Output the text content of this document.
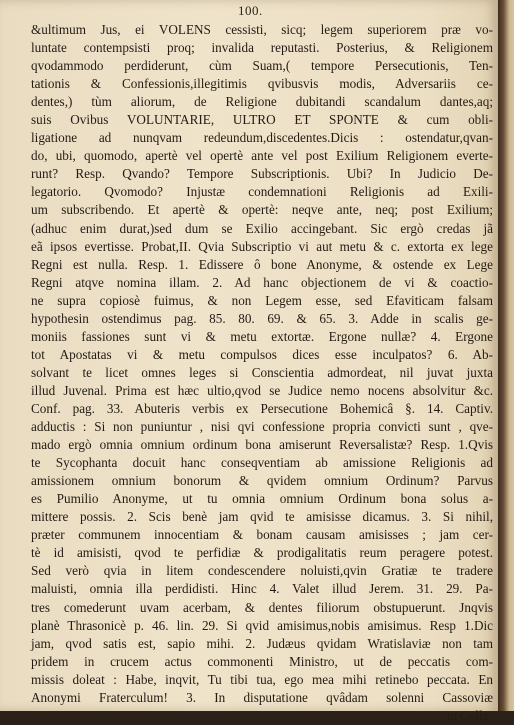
100.
&ultimum Jus, ei VOLENS cessisti, sicq; legem superiorem præ vo-
luntate contempsisti proq; invalida reputasti. Posterius, & Religionem
qvodammodo perdiderunt, cùm Suam,( tempore Persecutionis, Ten-
tationis & Confessionis,illegitimis qvibusvis modis, Adversariis ce-
dentes,) tùm aliorum, de Religione dubitandi scandalum dantes,aq;
suis Ovibus VOLUNTARIE, ULTRO ET SPONTE & cum obli-
ligatione ad nunqvam redeundum,discedentes.Dicis : ostendatur,qvan-
do, ubi, quomodo, apertè vel opertè ante vel post Exilium Religionem everte-
runt? Resp. Qvando? Tempore Subscriptionis. Ubi? In Judicio De-
legatorio. Qvomodo? Injustæ condemnationi Religionis ad Exili-
um subscribendo. Et apertè & opertè: neqve ante, neq; post Exilium;
(adhuc enim durat,)sed dum se Exilio accingebant. Sic ergò credas jã
eã ipsos evertisse. Probat,II. Qvia Subscriptio vi aut metu & c. extorta ex lege
Regni est nulla. Resp. 1. Edissere ô bone Anonyme, & ostende ex Lege
Regni atqve nomina illam. 2. Ad hanc objectionem de vi & coactio-
ne supra copiosè fuimus, & non Legem esse, sed Efaviticam falsam
hypothesin ostendimus pag. 85. 80. 69. & 65. 3. Adde in scalis ge-
moniis fassiones sunt vi & metu extortæ. Ergone nullæ? 4. Ergone
tot Apostatas vi & metu compulsos dices esse inculpatos? 6. Ab-
solvant te licet omnes leges si Conscientia admordeat, nil juvat juxta
illud Juvenal. Prima est hæc ultio,qvod se Judice nemo nocens absolvitur &c.
Conf. pag. 33. Abuteris verbis ex Persecutione Bohemicâ §. 14. Captiv.
adductis : Si non puniuntur , nisi qvi confessione propria convicti sunt , qve-
mado ergò omnia omnium ordinum bona amiserunt Reversalistæ? Resp. 1.Qvis
te Sycophanta docuit hanc conseqventiam ab amissione Religionis ad
amissionem omnium bonorum & qvidem omnium Ordinum? Parvus
es Pumilio Anonyme, ut tu omnia omnium Ordinum bona solus a-
mittere possis. 2. Scis benè jam qvid te amisisse dicamus. 3. Si nihil,
præter communem innocentiam & bonam causam amisisses ; jam cer-
tè id amisisti, qvod te perfidiæ & prodigalitatis reum peragere potest.
Sed verò qvia in litem condescendere noluisti,qvin Gratiæ te tradere
maluisti, omnia illa perdidisti. Hinc 4. Valet illud Jerem. 31. 29. Pa-
tres comederunt uvam acerbam, & dentes filiorum obstupuerunt. Jnqvis
planè Thrasonicè p. 46. lin. 29. Si qvid amisimus,nobis amisimus. Resp 1.Dic
jam, qvod satis est, sapio mihi. 2. Judæus qvidam Wratislaviæ non tam
pridem in crucem actus commonenti Ministro, ut de peccatis com-
missis doleat : Habe, inqvit, Tu tibi tua, ego mea mihi retinebo peccata. En
Anonymi Fraterculum! 3. In disputatione qvâdam solenni Cassoviæ
in Colle-
